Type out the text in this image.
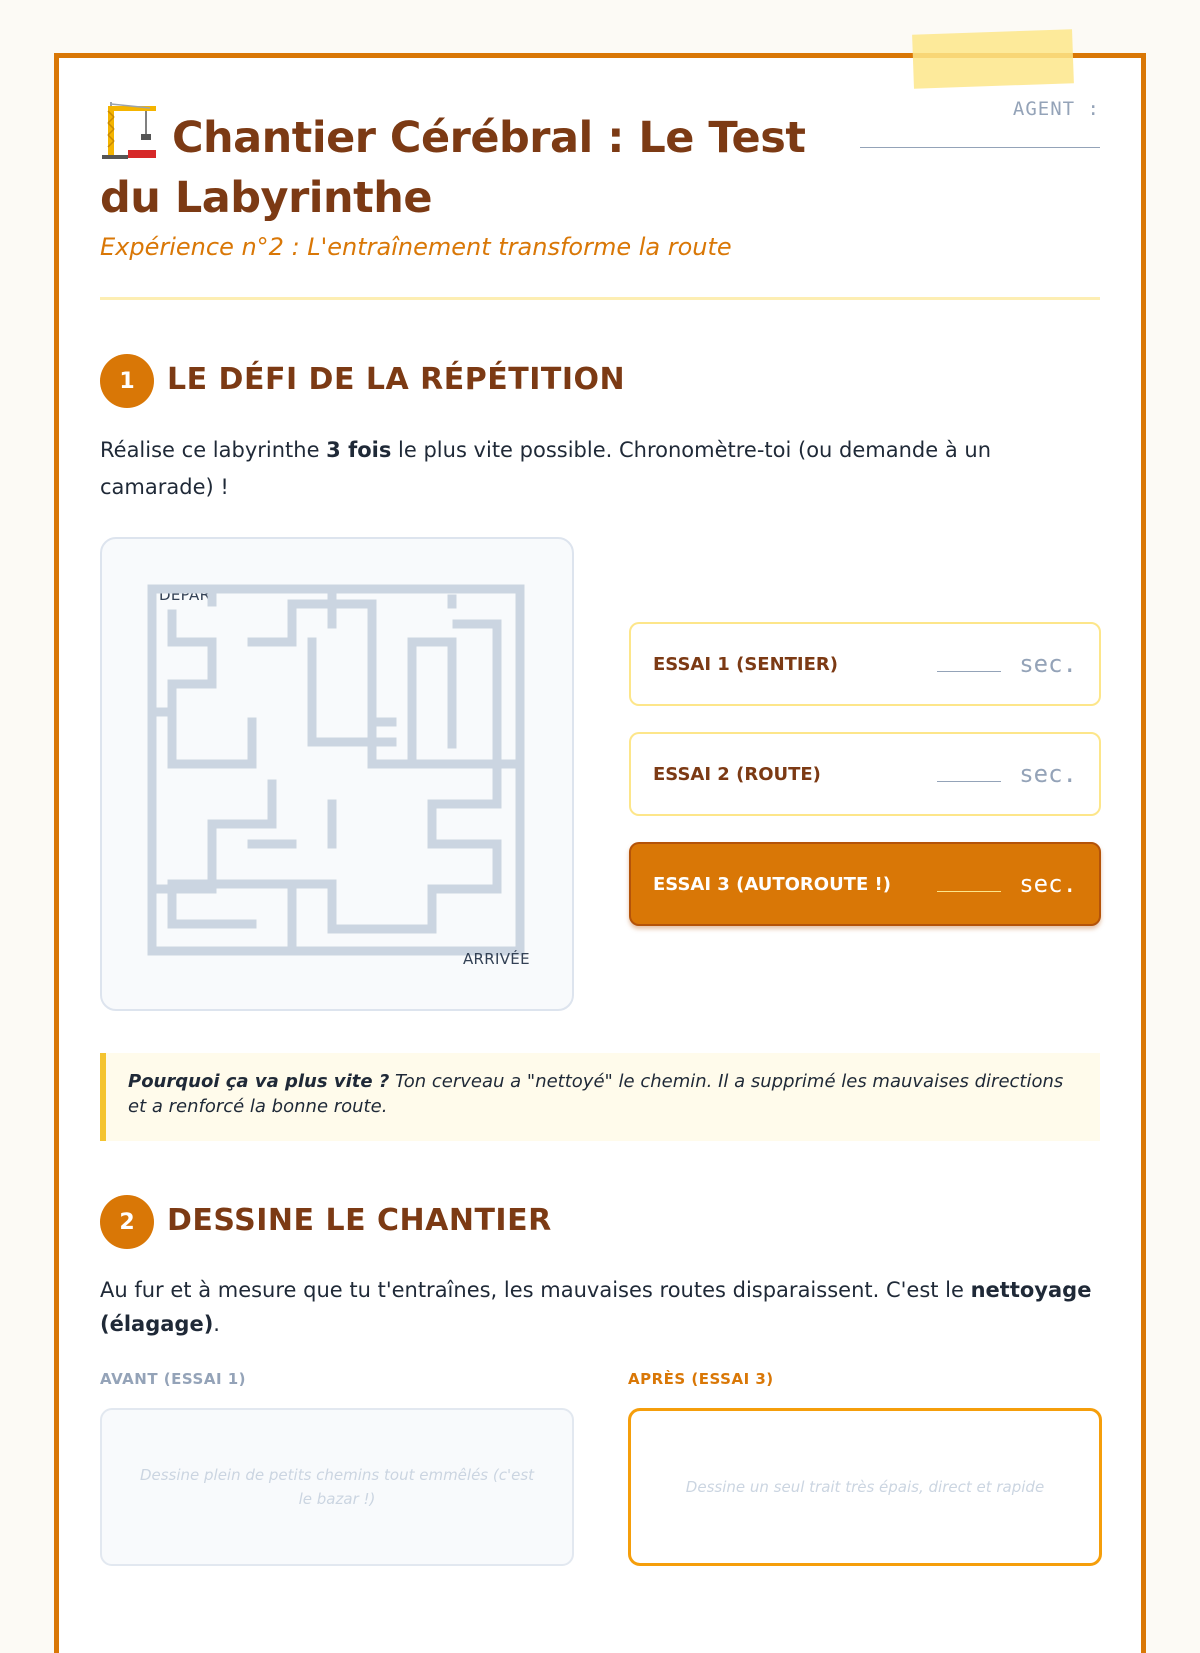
AGENT :
Chantier Cérébral : Le Test du Labyrinthe

Expérience n°2 : L'entraînement transforme la route

1	LE DÉFI DE LA RÉPÉTITION

Réalise ce labyrinthe 3 fois le plus vite possible. Chronomètre-toi (ou demande à un camarade) !

DÉPART
ARRIVÉE
ESSAI 1 (SENTIER)	sec.
ESSAI 2 (ROUTE)	sec.
ESSAI 3 (AUTOROUTE !)	sec.
Pourquoi ça va plus vite ? Ton cerveau a "nettoyé" le chemin. Il a supprimé les mauvaises directions et a renforcé la bonne route.
2	DESSINE LE CHANTIER

Au fur et à mesure que tu t'entraînes, les mauvaises routes disparaissent. C'est le nettoyage (élagage).

AVANT (ESSAI 1)	APRÈS (ESSAI 3)
Dessine plein de petits chemins tout emmêlés (c'est le bazar !)
Dessine un seul trait très épais, direct et rapide
